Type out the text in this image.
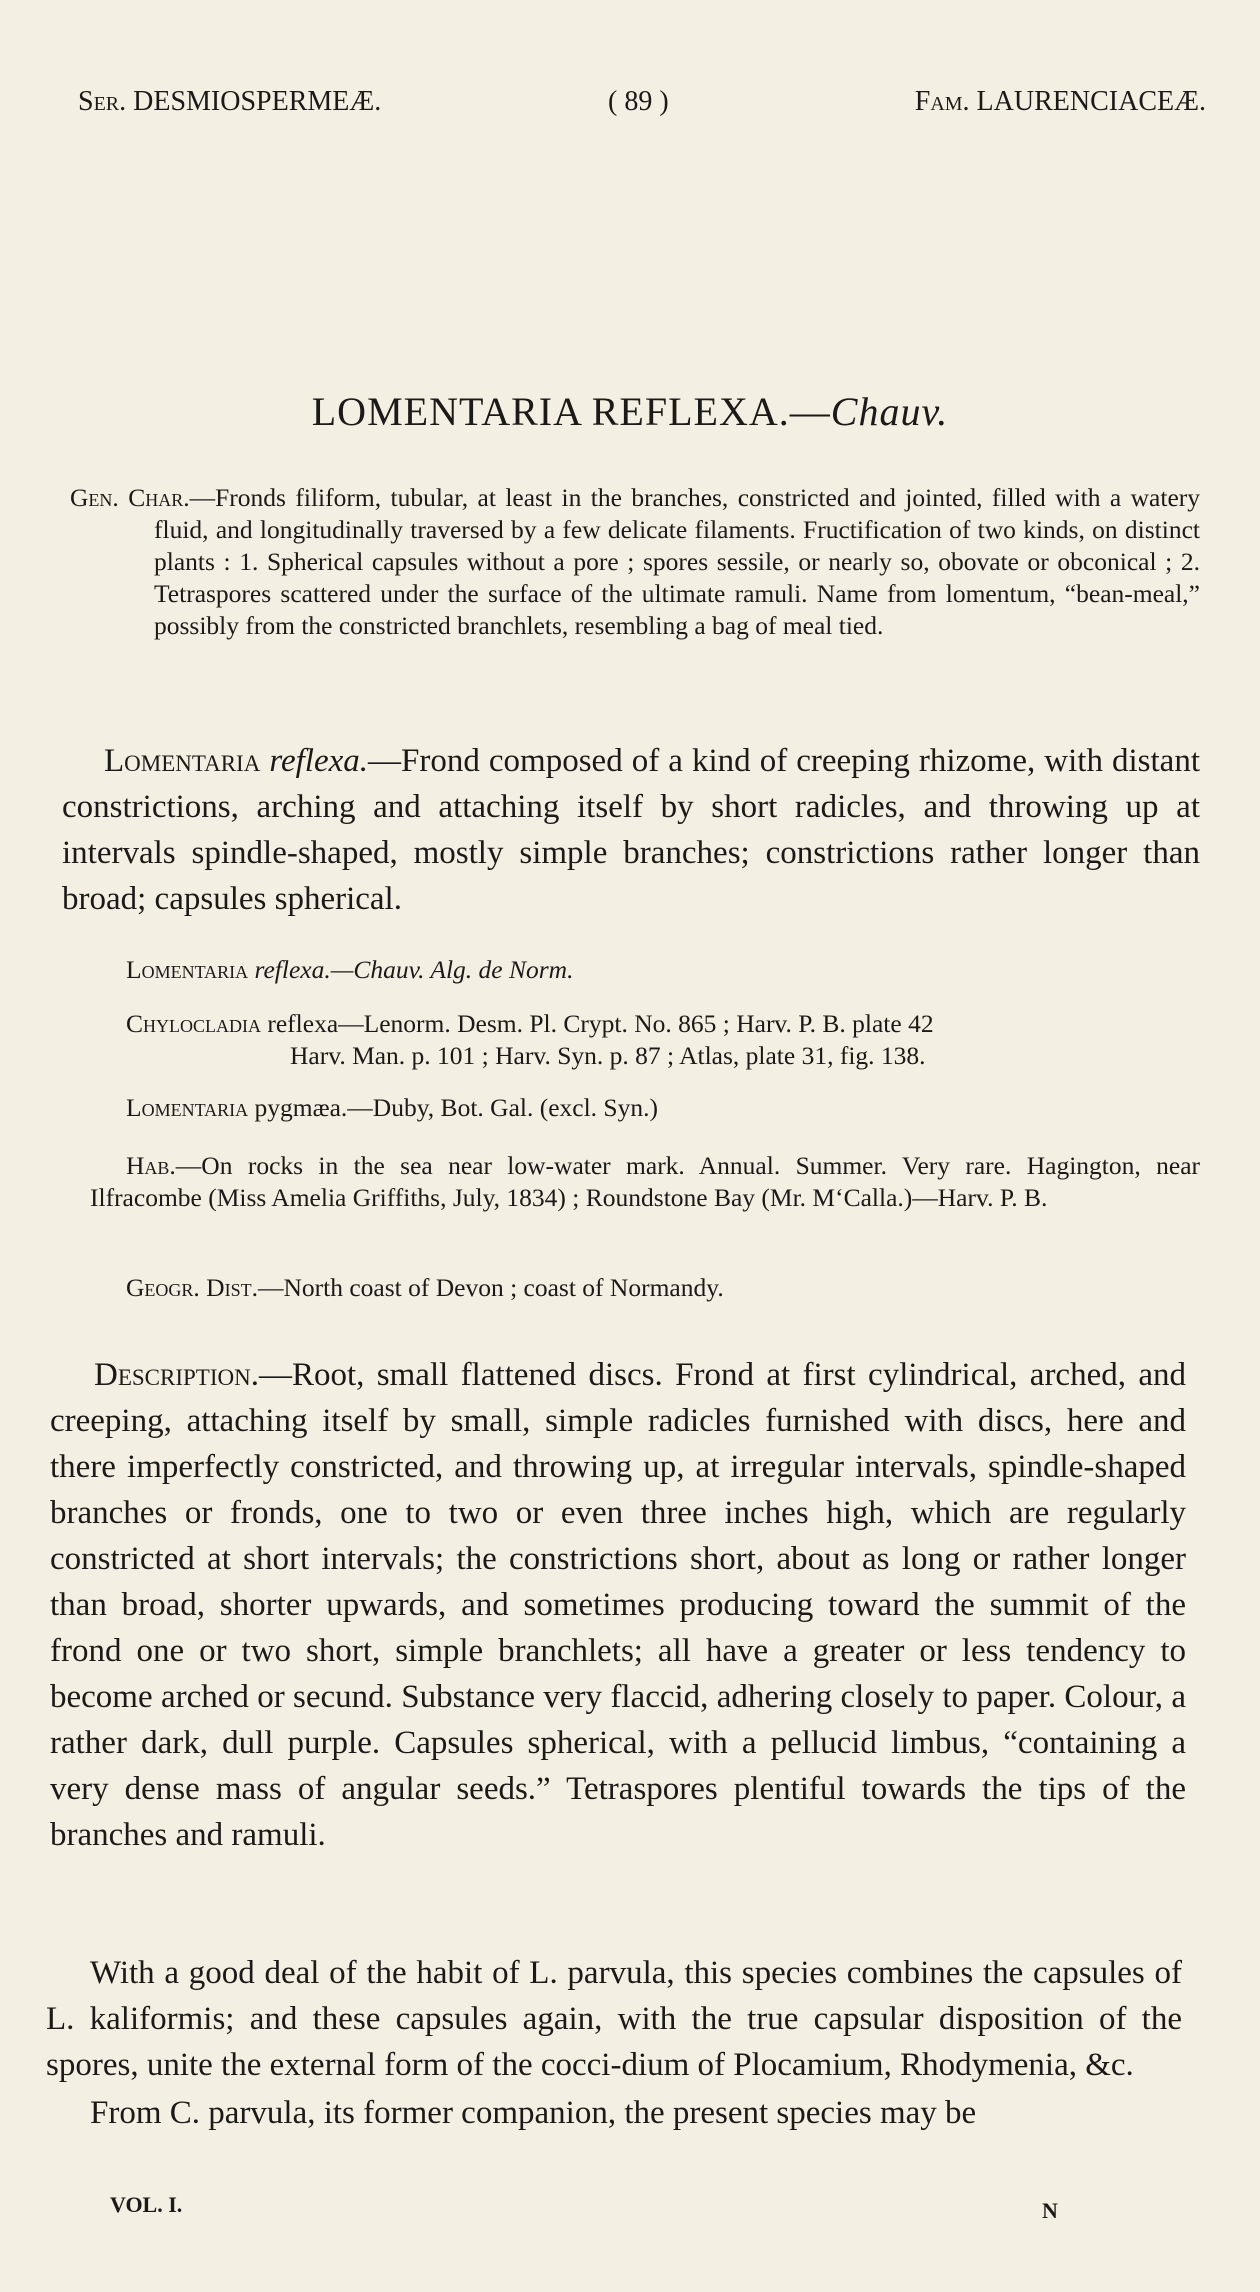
Ser. DESMIOSPERMEÆ.	( 89 )	Fam. LAURENCIACEÆ.
LOMENTARIA REFLEXA.—Chauv.

Gen. Char.—Fronds filiform, tubular, at least in the branches, constricted and jointed, filled with a watery fluid, and longitudinally traversed by a few delicate filaments. Fructification of two kinds, on distinct plants : 1. Spherical capsules without a pore ; spores sessile, or nearly so, obovate or obconical ; 2. Tetraspores scattered under the surface of the ultimate ramuli. Name from lomentum, “bean-meal,” possibly from the constricted branchlets, resembling a bag of meal tied.

Lomentaria reflexa.—Frond composed of a kind of creeping rhizome, with distant constrictions, arching and attaching itself by short radicles, and throwing up at intervals spindle-shaped, mostly simple branches; constrictions rather longer than broad; capsules spherical.

Lomentaria reflexa.—Chauv. Alg. de Norm.

Chylocladia reflexa—Lenorm. Desm. Pl. Crypt. No. 865 ; Harv. P. B. plate 42

Harv. Man. p. 101 ; Harv. Syn. p. 87 ; Atlas, plate 31, fig. 138.

Lomentaria pygmæa.—Duby, Bot. Gal. (excl. Syn.)

Hab.—On rocks in the sea near low-water mark. Annual. Summer. Very rare. Hagington, near Ilfracombe (Miss Amelia Griffiths, July, 1834) ; Roundstone Bay (Mr. M‘Calla.)—Harv. P. B.

Geogr. Dist.—North coast of Devon ; coast of Normandy.

Description.—Root, small flattened discs. Frond at first cylindrical, arched, and creeping, attaching itself by small, simple radicles furnished with discs, here and there imperfectly constricted, and throwing up, at irregular intervals, spindle-shaped branches or fronds, one to two or even three inches high, which are regularly constricted at short intervals; the constrictions short, about as long or rather longer than broad, shorter upwards, and sometimes producing toward the summit of the frond one or two short, simple branchlets; all have a greater or less tendency to become arched or secund. Substance very flaccid, adhering closely to paper. Colour, a rather dark, dull purple. Capsules spherical, with a pellucid limbus, “containing a very dense mass of angular seeds.” Tetraspores plentiful towards the tips of the branches and ramuli.

With a good deal of the habit of L. parvula, this species combines the capsules of L. kaliformis; and these capsules again, with the true capsular disposition of the spores, unite the external form of the cocci-dium of Plocamium, Rhodymenia, &c.

From C. parvula, its former companion, the present species may be

VOL. I.	N
